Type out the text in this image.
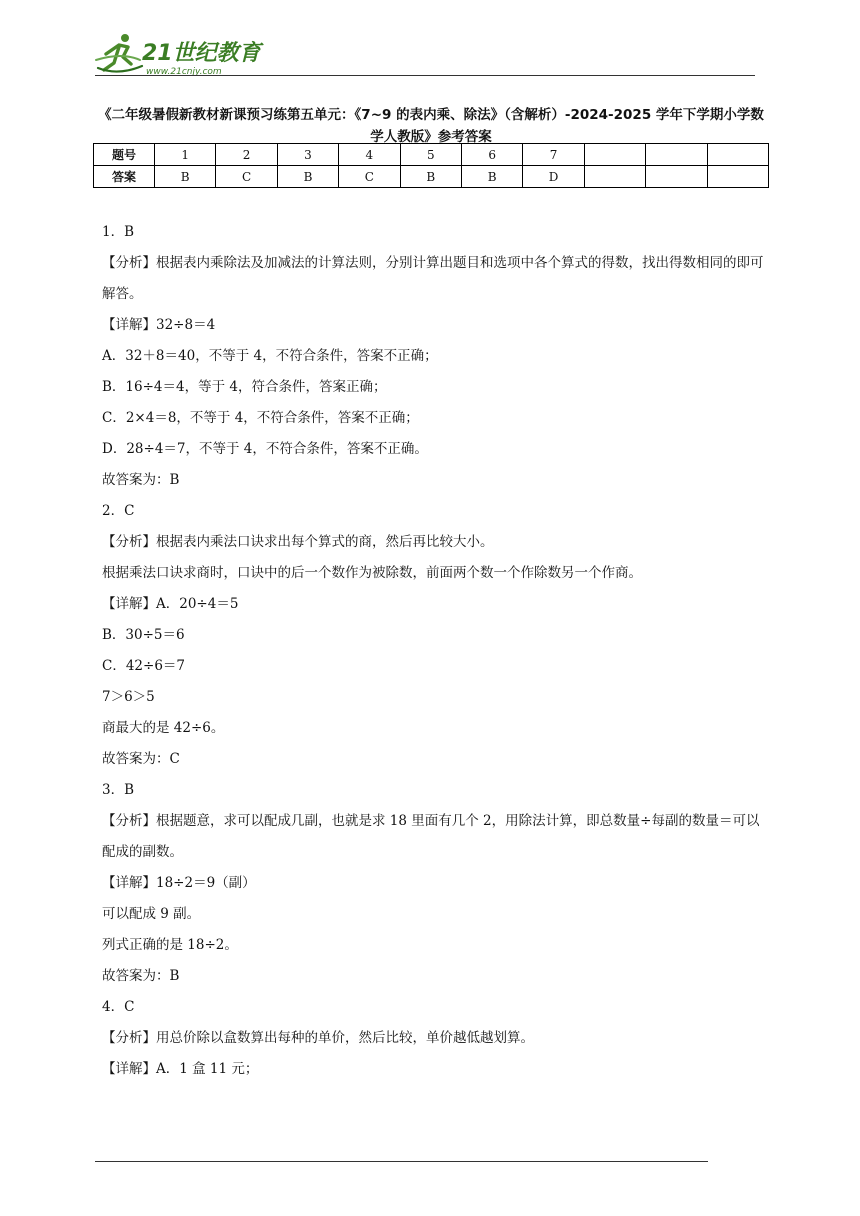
21世纪教育
www.21cnjy.com
《二年级暑假新教材新课预习练第五单元：《7~9 的表内乘、除法》（含解析）-2024-2025 学年下学期小学数学人教版》参考答案
题号	1	2	3	4	5	6	7			
答案	B	C	B	C	B	B	D			
1．B
【分析】根据表内乘除法及加减法的计算法则，分别计算出题目和选项中各个算式的得数，找出得数相同的即可解答。
【详解】32÷8＝4
A．32＋8＝40，不等于 4，不符合条件，答案不正确；
B．16÷4＝4，等于 4，符合条件，答案正确；
C．2×4＝8，不等于 4，不符合条件，答案不正确；
D．28÷4＝7，不等于 4，不符合条件，答案不正确。
故答案为：B
2．C
【分析】根据表内乘法口诀求出每个算式的商，然后再比较大小。
根据乘法口诀求商时，口诀中的后一个数作为被除数，前面两个数一个作除数另一个作商。
【详解】A．20÷4＝5
B．30÷5＝6
C．42÷6＝7
7＞6＞5
商最大的是 42÷6。
故答案为：C
3．B
【分析】根据题意，求可以配成几副，也就是求 18 里面有几个 2，用除法计算，即总数量÷每副的数量＝可以配成的副数。
【详解】18÷2＝9（副）
可以配成 9 副。
列式正确的是 18÷2。
故答案为：B
4．C
【分析】用总价除以盒数算出每种的单价，然后比较，单价越低越划算。
【详解】A．1 盒 11 元；
